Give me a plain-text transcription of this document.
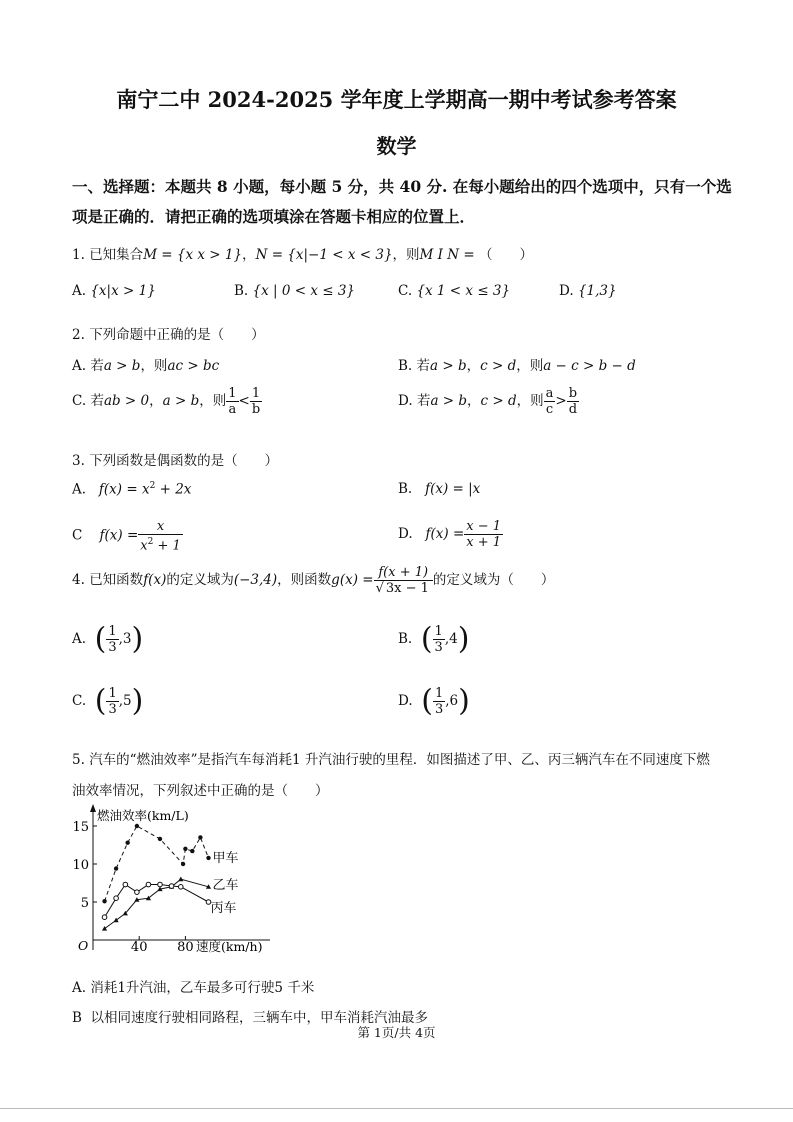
南宁二中 2024-2025 学年度上学期高一期中考试参考答案
数学
一、选择题：本题共 8 小题，每小题 5 分，共 40 分. 在每小题给出的四个选项中，只有一个选项是正确的．请把正确的选项填涂在答题卡相应的位置上．
1. 已知集合M = {x x > 1}，N = {x|−1 < x < 3}，则M I N = （　　）
A. {x|x > 1}	B. {x | 0 < x ≤ 3}	C. {x 1 < x ≤ 3}	D. {1,3}
2. 下列命题中正确的是（　　）
A. 若a > b，则ac > bc	B. 若a > b，c > d，则a − c > b − d
C. 若ab > 0，a > b，则 $\frac{1}{a} < \frac{1}{b}$	D. 若a > b，c > d，则 $\frac{a}{c} > \frac{b}{d}$
3. 下列函数是偶函数的是（　　）
A. $f(x) = x^2 + 2x$	B. f(x) = |x
C $f(x) = \frac{x}{x^2 + 1}$	D. $f(x) = \frac{x - 1}{x + 1}$
4. 已知函数f(x)的定义域为(−3,4)，则函数$g(x) = \frac{f(x + 1)}{√ 3x - 1}$ 的定义域为（　　）
A. ( $\frac{1}{3} ,3$)	B. ( $\frac{1}{3} ,4$)
C. ( $\frac{1}{3} ,5$)	D. ( $\frac{1}{3} ,6$)
5. 汽车的“燃油效率”是指汽车每消耗1 升汽油行驶的里程．如图描述了甲、乙、丙三辆汽车在不同速度下燃
油效率情况，下列叙述中正确的是（　　）
燃油效率(km/L)
速度(km/h)
O
5
10
15
40 80
甲车
乙车
丙车
A. 消耗1升汽油，乙车最多可行驶5 千米
B 以相同速度行驶相同路程，三辆车中，甲车消耗汽油最多
第 1页/共 4页
